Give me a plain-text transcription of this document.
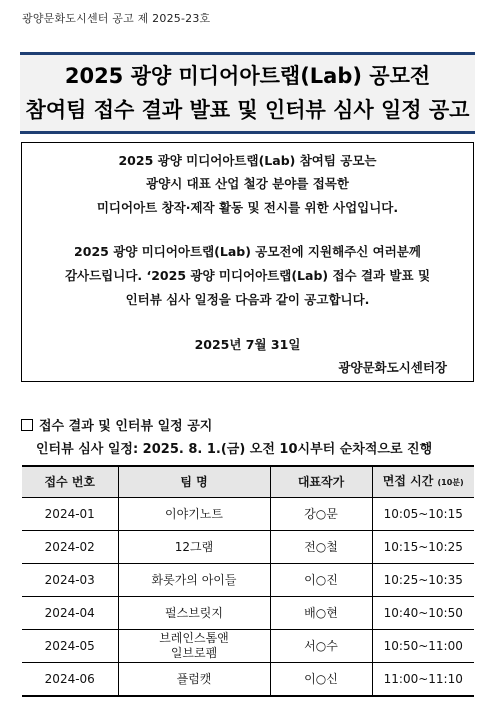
광양문화도시센터 공고 제 2025-23호
2025 광양 미디어아트랩(Lab) 공모전
참여팀 접수 결과 발표 및 인터뷰 심사 일정 공고
2025 광양 미디어아트랩(Lab) 참여팀 공모는
광양시 대표 산업 철강 분야를 접목한
미디어아트 창작·제작 활동 및 전시를 위한 사업입니다.
2025 광양 미디어아트랩(Lab) 공모전에 지원해주신 여러분께
감사드립니다. ‘2025 광양 미디어아트랩(Lab) 접수 결과 발표 및
인터뷰 심사 일정을 다음과 같이 공고합니다.
2025년 7월 31일
광양문화도시센터장
접수 결과 및 인터뷰 일정 공지
인터뷰 심사 일정: 2025. 8. 1.(금) 오전 10시부터 순차적으로 진행
접수 번호	팀 명	대표작가	면접 시간 (10분)
2024-01	이야기노트	강○문	10:05~10:15
2024-02	12그램	전○철	10:15~10:25
2024-03	화롯가의 아이들	이○진	10:25~10:35
2024-04	펄스브릿지	배○현	10:40~10:50
2024-05	브레인스톰앤
일브로펨	서○수	10:50~11:00
2024-06	플럼캣	이○신	11:00~11:10
